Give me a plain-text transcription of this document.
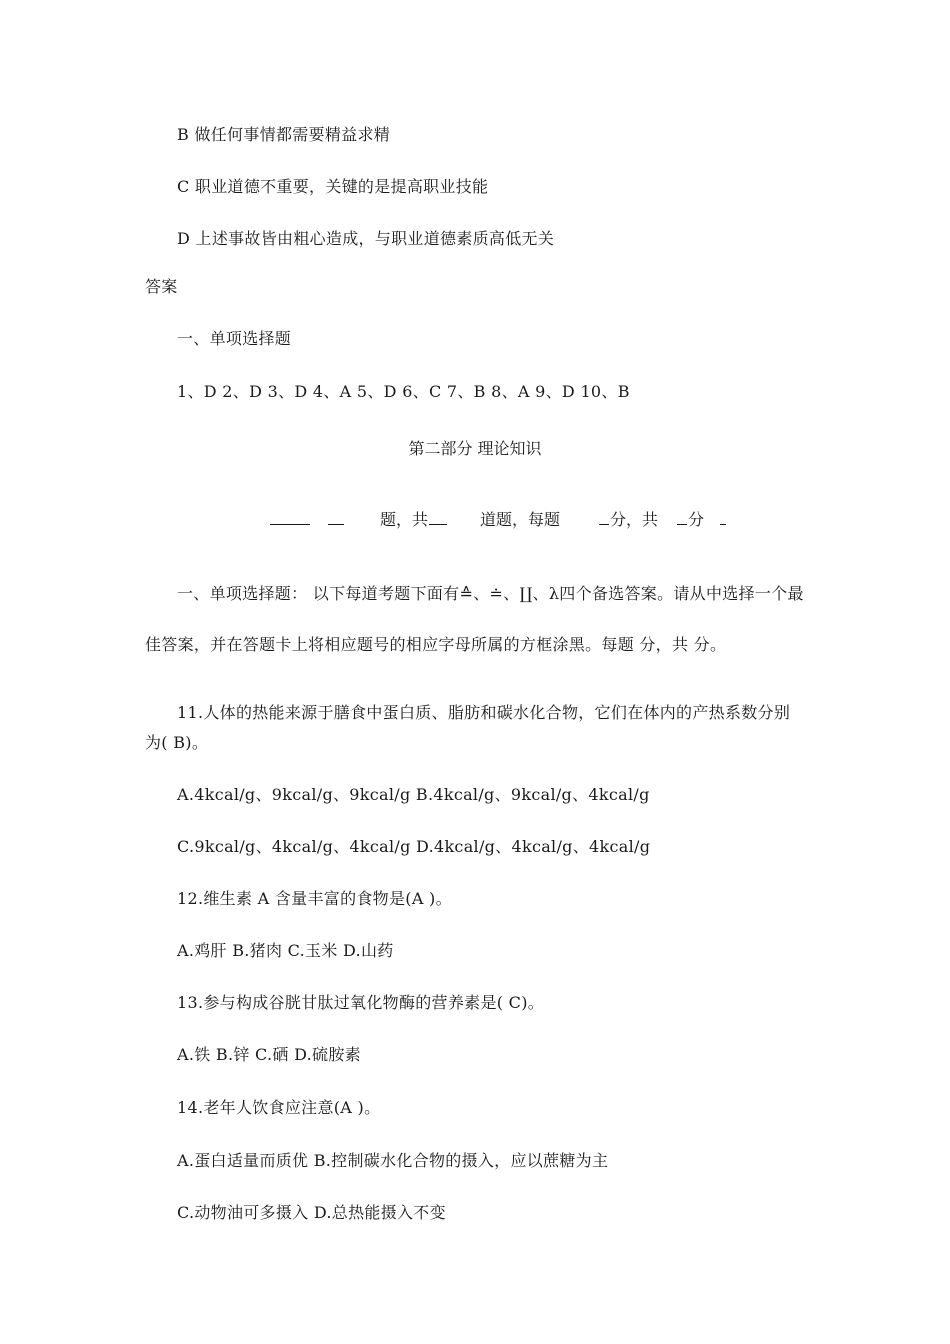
B 做任何事情都需要精益求精
C 职业道德不重要，关键的是提高职业技能
D 上述事故皆由粗心造成，与职业道德素质高低无关
答案
一、单项选择题
1、D 2、D 3、D 4、A 5、D 6、C 7、B 8、A 9、D 10、B
第二部分 理论知识
题，共	道题，每题	分，共 分
一、单项选择题： 以下每道考题下面有≙、≐、∐、λ四个备选答案。请从中选择一个最
佳答案，并在答题卡上将相应题号的相应字母所属的方框涂黑。每题 分，共 分。
11.人体的热能来源于膳食中蛋白质、脂肪和碳水化合物，它们在体内的产热系数分别
为( B)。
A.4kcal/g、9kcal/g、9kcal/g B.4kcal/g、9kcal/g、4kcal/g
C.9kcal/g、4kcal/g、4kcal/g D.4kcal/g、4kcal/g、4kcal/g
12.维生素 A 含量丰富的食物是(A )。
A.鸡肝 B.猪肉 C.玉米 D.山药
13.参与构成谷胱甘肽过氧化物酶的营养素是( C)。
A.铁 B.锌 C.硒 D.硫胺素
14.老年人饮食应注意(A )。
A.蛋白适量而质优 B.控制碳水化合物的摄入，应以蔗糖为主
C.动物油可多摄入 D.总热能摄入不变
